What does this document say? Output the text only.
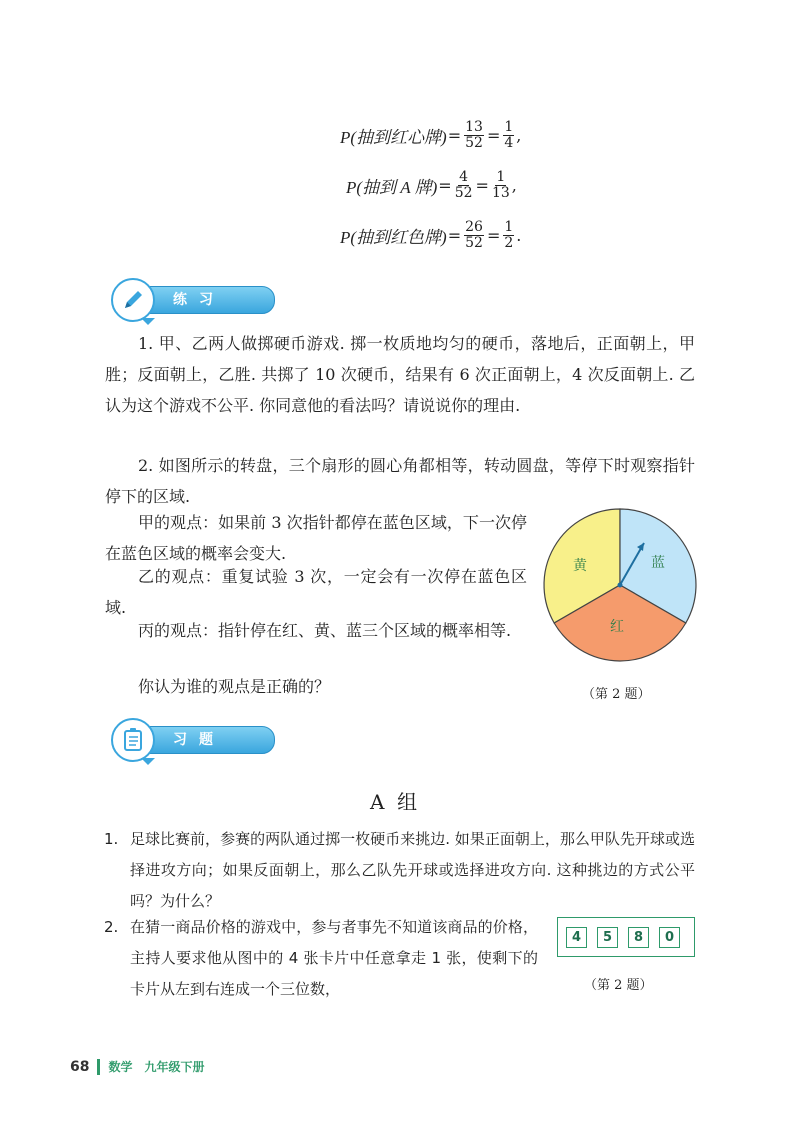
P(抽到红心牌) = $\frac{13}{52} = \frac{1}{4}$ ,
P(抽到 A 牌) = $\frac{4}{52} = \frac{1}{13}$ ,
P(抽到红色牌) = $\frac{26}{52} = \frac{1}{2}$ .
练习
1. 甲、乙两人做掷硬币游戏. 掷一枚质地均匀的硬币，落地后，正面朝上，甲胜；反面朝上，乙胜. 共掷了 10 次硬币，结果有 6 次正面朝上，4 次反面朝上. 乙认为这个游戏不公平. 你同意他的看法吗？请说说你的理由.
2. 如图所示的转盘，三个扇形的圆心角都相等，转动圆盘，等停下时观察指针停下的区域.
甲的观点：如果前 3 次指针都停在蓝色区域，下一次停在蓝色区域的概率会变大.
乙的观点：重复试验 3 次，一定会有一次停在蓝色区域.
丙的观点：指针停在红、黄、蓝三个区域的概率相等.
你认为谁的观点是正确的？
黄	蓝
红
（第 2 题）
习题
A  组
1. 足球比赛前，参赛的两队通过掷一枚硬币来挑边. 如果正面朝上，那么甲队先开球或选择进攻方向；如果反面朝上，那么乙队先开球或选择进攻方向. 这种挑边的方式公平吗？为什么？
2. 在猜一商品价格的游戏中，参与者事先不知道该商品的价格，主持人要求他从图中的 4 张卡片中任意拿走 1 张，使剩下的卡片从左到右连成一个三位数，
4	5	8	0
（第 2 题）
68 数学 九年级下册
